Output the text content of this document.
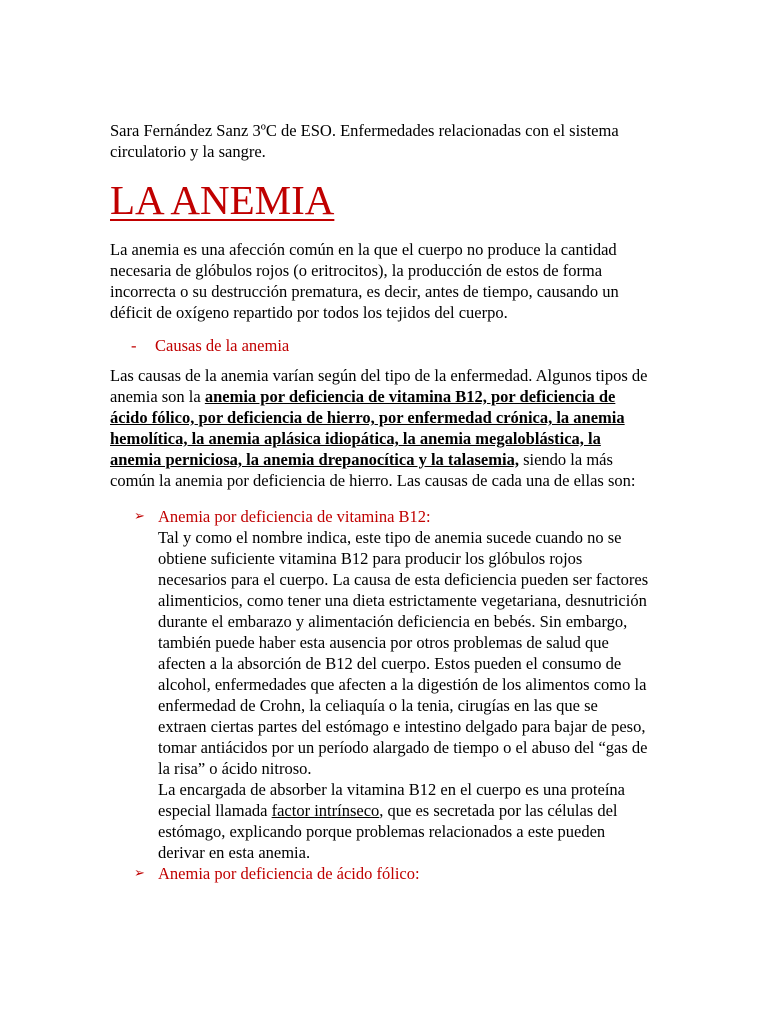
Sara Fernández Sanz 3ºC de ESO. Enfermedades relacionadas con el sistema circulatorio y la sangre.

LA ANEMIA

La anemia es una afección común en la que el cuerpo no produce la cantidad necesaria de glóbulos rojos (o eritrocitos), la producción de estos de forma incorrecta o su destrucción prematura, es decir, antes de tiempo, causando un déficit de oxígeno repartido por todos los tejidos del cuerpo.

- Causas de la anemia

Las causas de la anemia varían según del tipo de la enfermedad. Algunos tipos de anemia son la anemia por deficiencia de vitamina B12, por deficiencia de ácido fólico, por deficiencia de hierro, por enfermedad crónica, la anemia hemolítica, la anemia aplásica idiopática, la anemia megaloblástica, la anemia perniciosa, la anemia drepanocítica y la talasemia, siendo la más común la anemia por deficiencia de hierro. Las causas de cada una de ellas son:

➢ Anemia por deficiencia de vitamina B12:
Tal y como el nombre indica, este tipo de anemia sucede cuando no se obtiene suficiente vitamina B12 para producir los glóbulos rojos necesarios para el cuerpo. La causa de esta deficiencia pueden ser factores alimenticios, como tener una dieta estrictamente vegetariana, desnutrición durante el embarazo y alimentación deficiencia en bebés. Sin embargo, también puede haber esta ausencia por otros problemas de salud que afecten a la absorción de B12 del cuerpo. Estos pueden el consumo de alcohol, enfermedades que afecten a la digestión de los alimentos como la enfermedad de Crohn, la celiaquía o la tenia, cirugías en las que se extraen ciertas partes del estómago e intestino delgado para bajar de peso, tomar antiácidos por un período alargado de tiempo o el abuso del “gas de la risa” o ácido nitroso.
La encargada de absorber la vitamina B12 en el cuerpo es una proteína especial llamada factor intrínseco, que es secretada por las células del estómago, explicando porque problemas relacionados a este pueden derivar en esta anemia.
➢ Anemia por deficiencia de ácido fólico:
